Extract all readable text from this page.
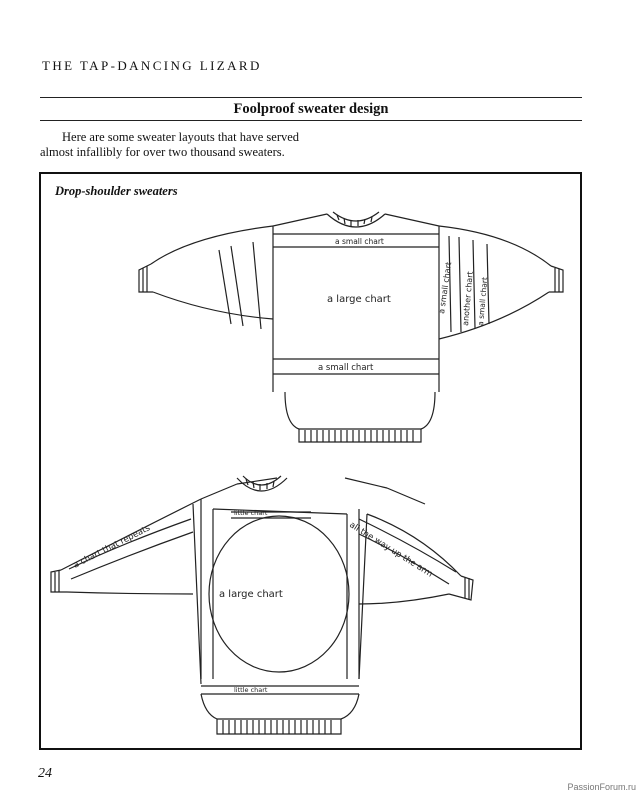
THE TAP-DANCING LIZARD
Foolproof sweater design
Here are some sweater layouts that have served
almost infallibly for over two thousand sweaters.
Drop-shoulder sweaters
a small chart
a large chart
a small chart
a small chart another chart a small chart
little chart
a large chart
little chart
a chart that repeats	all the way up the arm
24
PassionForum.ru
